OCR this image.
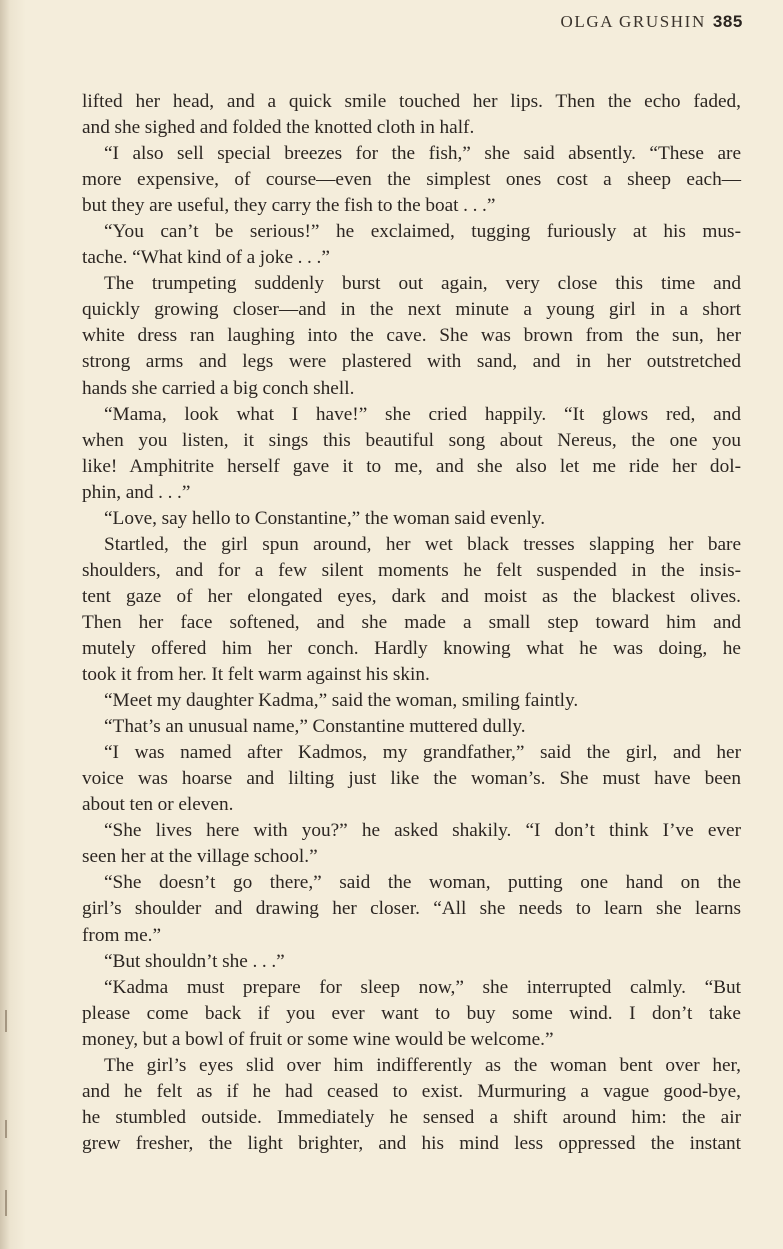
OLGA GRUSHIN 385

lifted her head, and a quick smile touched her lips. Then the echo faded,

and she sighed and folded the knotted cloth in half.

“I also sell special breezes for the fish,” she said absently. “These are

more expensive, of course—even the simplest ones cost a sheep each—

but they are useful, they carry the fish to the boat . . .”

“You can’t be serious!” he exclaimed, tugging furiously at his mus-

tache. “What kind of a joke . . .”

The trumpeting suddenly burst out again, very close this time and

quickly growing closer—and in the next minute a young girl in a short

white dress ran laughing into the cave. She was brown from the sun, her

strong arms and legs were plastered with sand, and in her outstretched

hands she carried a big conch shell.

“Mama, look what I have!” she cried happily. “It glows red, and

when you listen, it sings this beautiful song about Nereus, the one you

like! Amphitrite herself gave it to me, and she also let me ride her dol-

phin, and . . .”

“Love, say hello to Constantine,” the woman said evenly.

Startled, the girl spun around, her wet black tresses slapping her bare

shoulders, and for a few silent moments he felt suspended in the insis-

tent gaze of her elongated eyes, dark and moist as the blackest olives.

Then her face softened, and she made a small step toward him and

mutely offered him her conch. Hardly knowing what he was doing, he

took it from her. It felt warm against his skin.

“Meet my daughter Kadma,” said the woman, smiling faintly.

“That’s an unusual name,” Constantine muttered dully.

“I was named after Kadmos, my grandfather,” said the girl, and her

voice was hoarse and lilting just like the woman’s. She must have been

about ten or eleven.

“She lives here with you?” he asked shakily. “I don’t think I’ve ever

seen her at the village school.”

“She doesn’t go there,” said the woman, putting one hand on the

girl’s shoulder and drawing her closer. “All she needs to learn she learns

from me.”

“But shouldn’t she . . .”

“Kadma must prepare for sleep now,” she interrupted calmly. “But

please come back if you ever want to buy some wind. I don’t take

money, but a bowl of fruit or some wine would be welcome.”

The girl’s eyes slid over him indifferently as the woman bent over her,

and he felt as if he had ceased to exist. Murmuring a vague good-bye,

he stumbled outside. Immediately he sensed a shift around him: the air

grew fresher, the light brighter, and his mind less oppressed the instant
